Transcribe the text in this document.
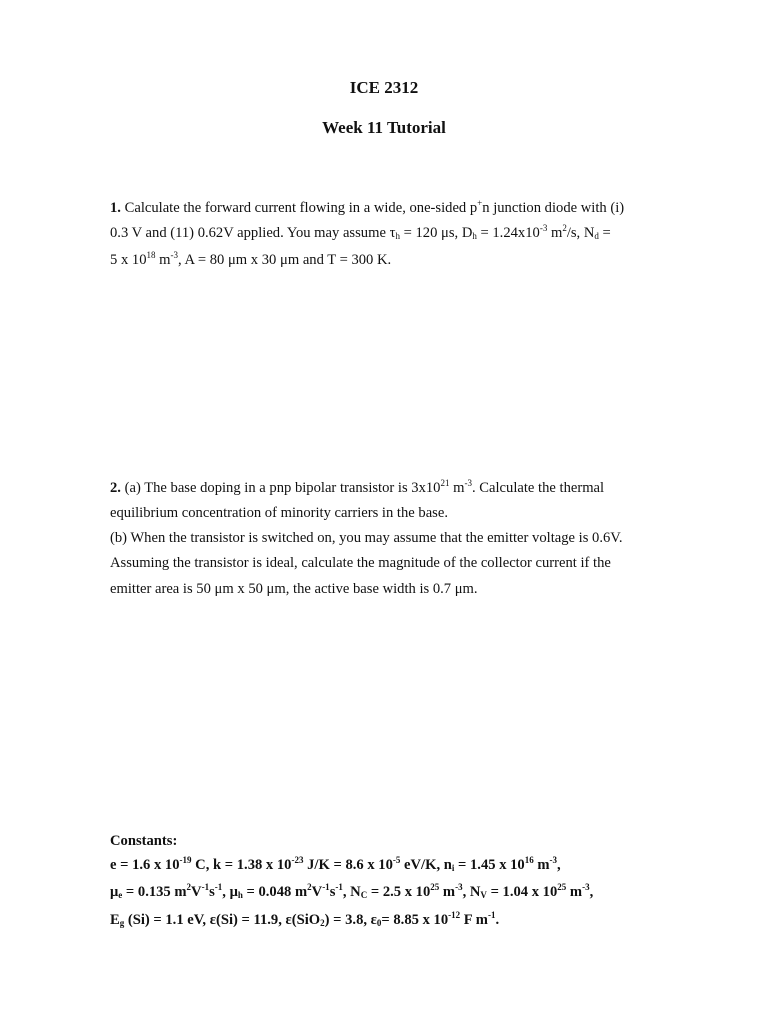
ICE 2312
Week 11 Tutorial
1. Calculate the forward current flowing in a wide, one-sided p+n junction diode with (i)
0.3 V and (11) 0.62V applied. You may assume $\tau_h = 120$ μs, $D_h = 1.24x10^{-3}$ $m^2/s$, $N_d$ =
5 x $10^{18}$ $m^{-3}$, A = 80 μm x 30 μm and T = 300 K.
2. (a) The base doping in a pnp bipolar transistor is $3x10^{21}$ $m^{-3}$. Calculate the thermal
equilibrium concentration of minority carriers in the base.
(b) When the transistor is switched on, you may assume that the emitter voltage is 0.6V.
Assuming the transistor is ideal, calculate the magnitude of the collector current if the
emitter area is 50 μm x 50 μm, the active base width is 0.7 μm.
Constants:
e = 1.6 x $10^{-19}$ C, k = 1.38 x $10^{-23}$ J/K = 8.6 x $10^{-5}$ eV/K, $n_i = 1.45$ x $10^{16}$ $m^{-3}$,
$\mu_e = 0.135$ $m^2V^{-1}s^{-1}$, $\mu_h = 0.048$ $m^2V^{-1}s^{-1}$, $N_C = 2.5$ x $10^{25}$ $m^{-3}$, $N_V = 1.04$ x $10^{25}$ $m^{-3}$,
$E_g$ (Si) = 1.1 eV, ε(Si) = 11.9, ε(SiO$_2$) = 3.8, $\varepsilon_0= 8.85$ x $10^{-12}$ F $m^{-1}$.
